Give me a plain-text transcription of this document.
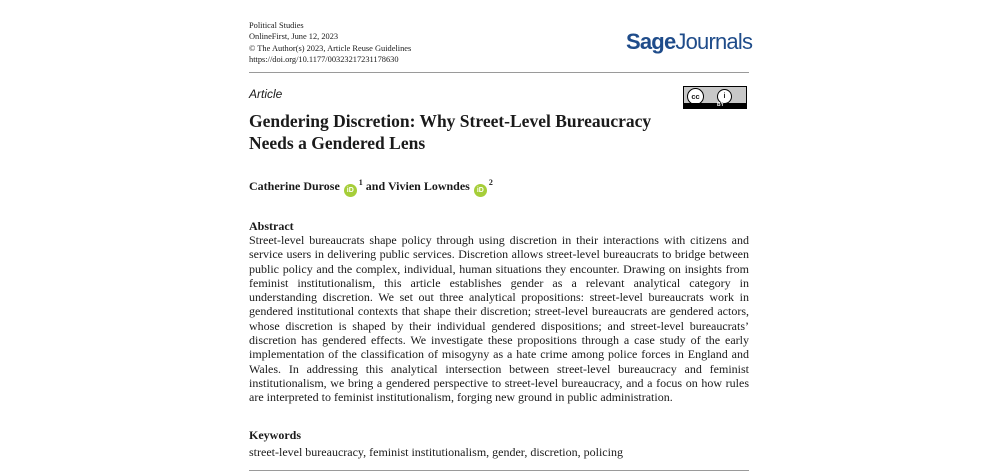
Political Studies
OnlineFirst, June 12, 2023
© The Author(s) 2023, Article Reuse Guidelines
https://doi.org/10.1177/00323217231178630
SageJournals
Article	cc	i
BY
Gendering Discretion: Why Street-Level Bureaucracy Needs a Gendered Lens
Catherine Durose iD$^1$ and Vivien Lowndes iD$^2$
Abstract
Street-level bureaucrats shape policy through using discretion in their interactions with citizens and service users in delivering public services. Discretion allows street-level bureaucrats to bridge between public policy and the complex, individual, human situations they encounter. Drawing on insights from feminist institutionalism, this article establishes gender as a relevant analytical category in understanding discretion. We set out three analytical propositions: street-level bureaucrats work in gendered institutional contexts that shape their discretion; street-level bureaucrats are gendered actors, whose discretion is shaped by their individual gendered dispositions; and street-level bureaucrats’ discretion has gendered effects. We investigate these propositions through a case study of the early implementation of the classification of misogyny as a hate crime among police forces in England and Wales. In addressing this analytical intersection between street-level bureaucracy and feminist institutionalism, we bring a gendered perspective to street-level bureaucracy, and a focus on how rules are interpreted to feminist institutionalism, forging new ground in public administration.
Keywords
street-level bureaucracy, feminist institutionalism, gender, discretion, policing
